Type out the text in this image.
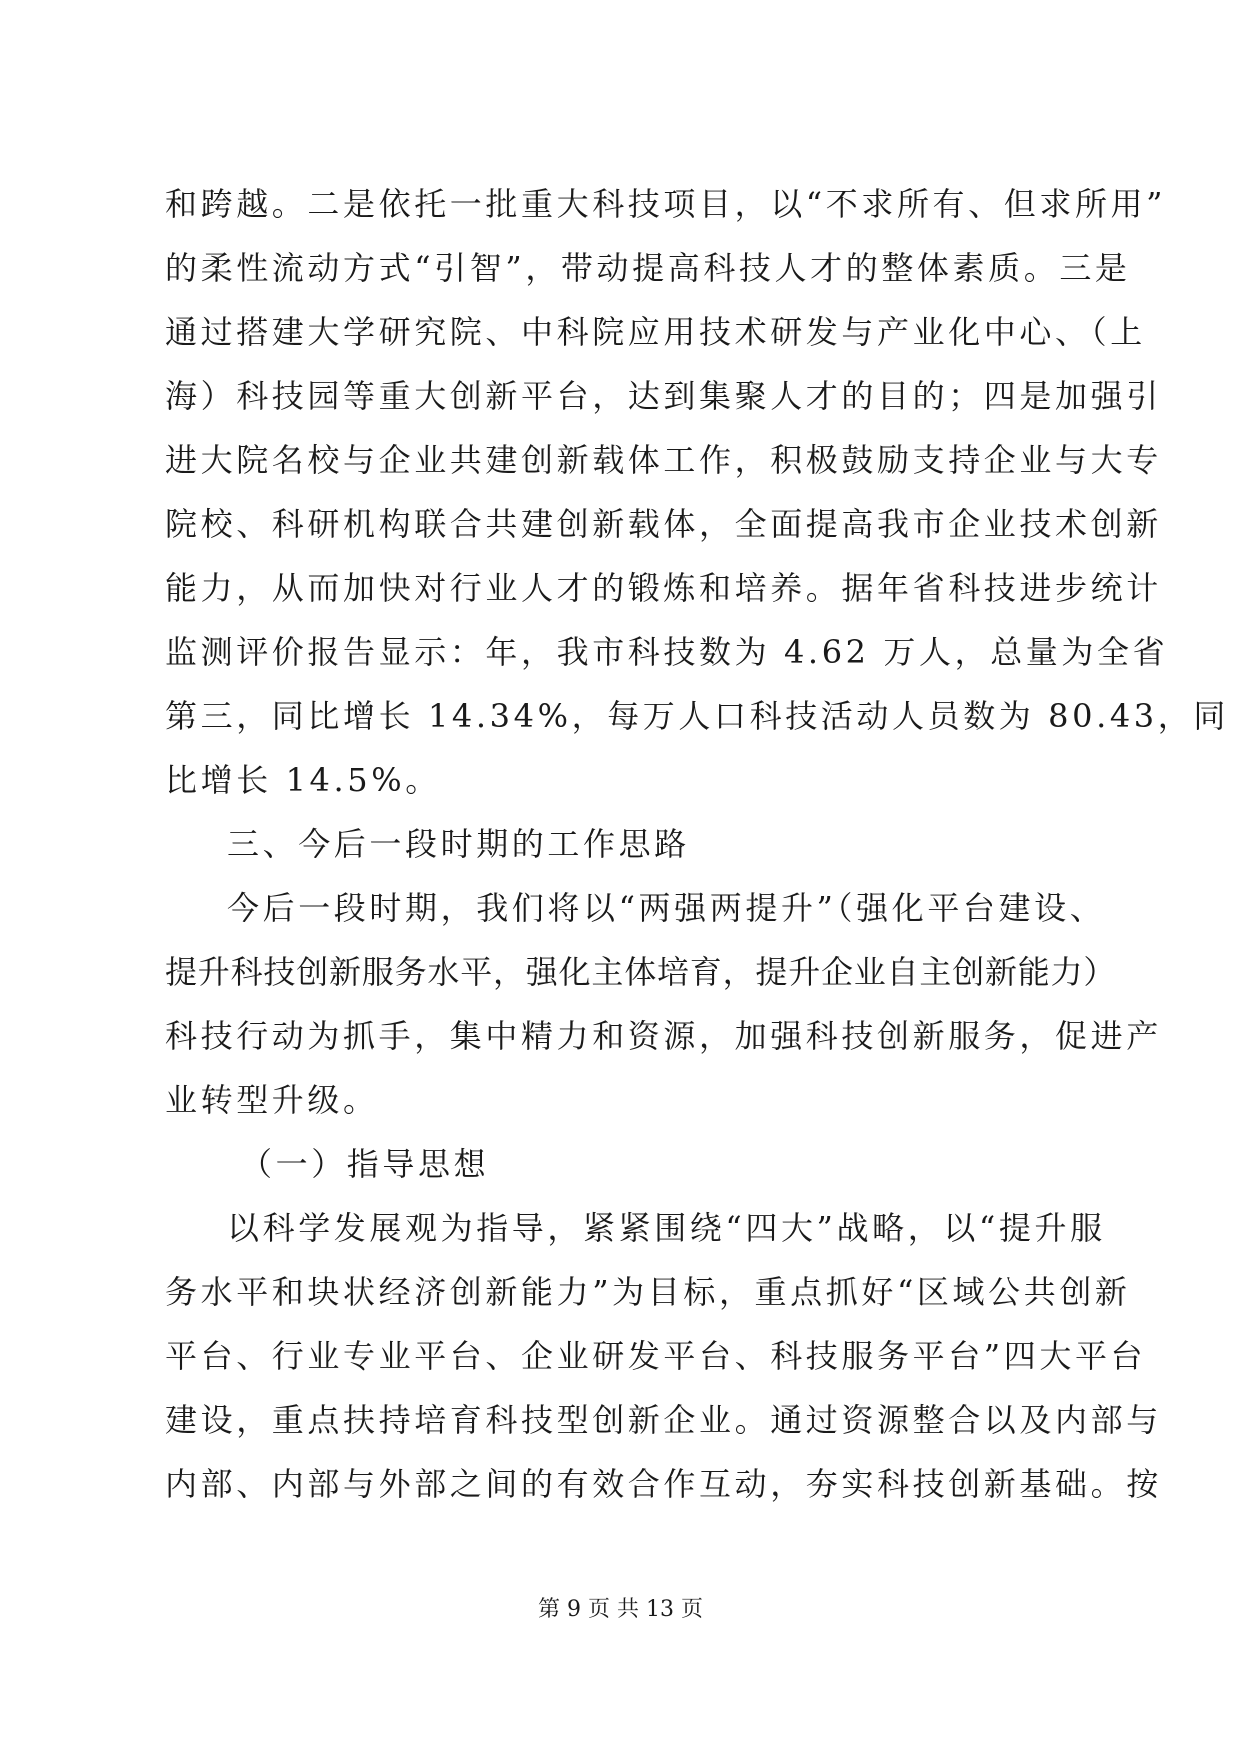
和跨越。二是依托一批重大科技项目，以“不求所有、但求所用”
的柔性流动方式“引智”，带动提高科技人才的整体素质。三是
通过搭建大学研究院、中科院应用技术研发与产业化中心、（上
海）科技园等重大创新平台，达到集聚人才的目的；四是加强引
进大院名校与企业共建创新载体工作，积极鼓励支持企业与大专
院校、科研机构联合共建创新载体，全面提高我市企业技术创新
能力，从而加快对行业人才的锻炼和培养。据年省科技进步统计
监测评价报告显示：年，我市科技数为 4.62 万人，总量为全省
第三，同比增长 14.34%，每万人口科技活动人员数为 80.43，同
比增长 14.5%。
三、今后一段时期的工作思路
今后一段时期，我们将以“两强两提升”（强化平台建设、
提升科技创新服务水平，强化主体培育，提升企业自主创新能力）
科技行动为抓手，集中精力和资源，加强科技创新服务，促进产
业转型升级。
（一）指导思想
以科学发展观为指导，紧紧围绕“四大”战略，以“提升服
务水平和块状经济创新能力”为目标，重点抓好“区域公共创新
平台、行业专业平台、企业研发平台、科技服务平台”四大平台
建设，重点扶持培育科技型创新企业。通过资源整合以及内部与
内部、内部与外部之间的有效合作互动，夯实科技创新基础。按
第 9 页 共 13 页
